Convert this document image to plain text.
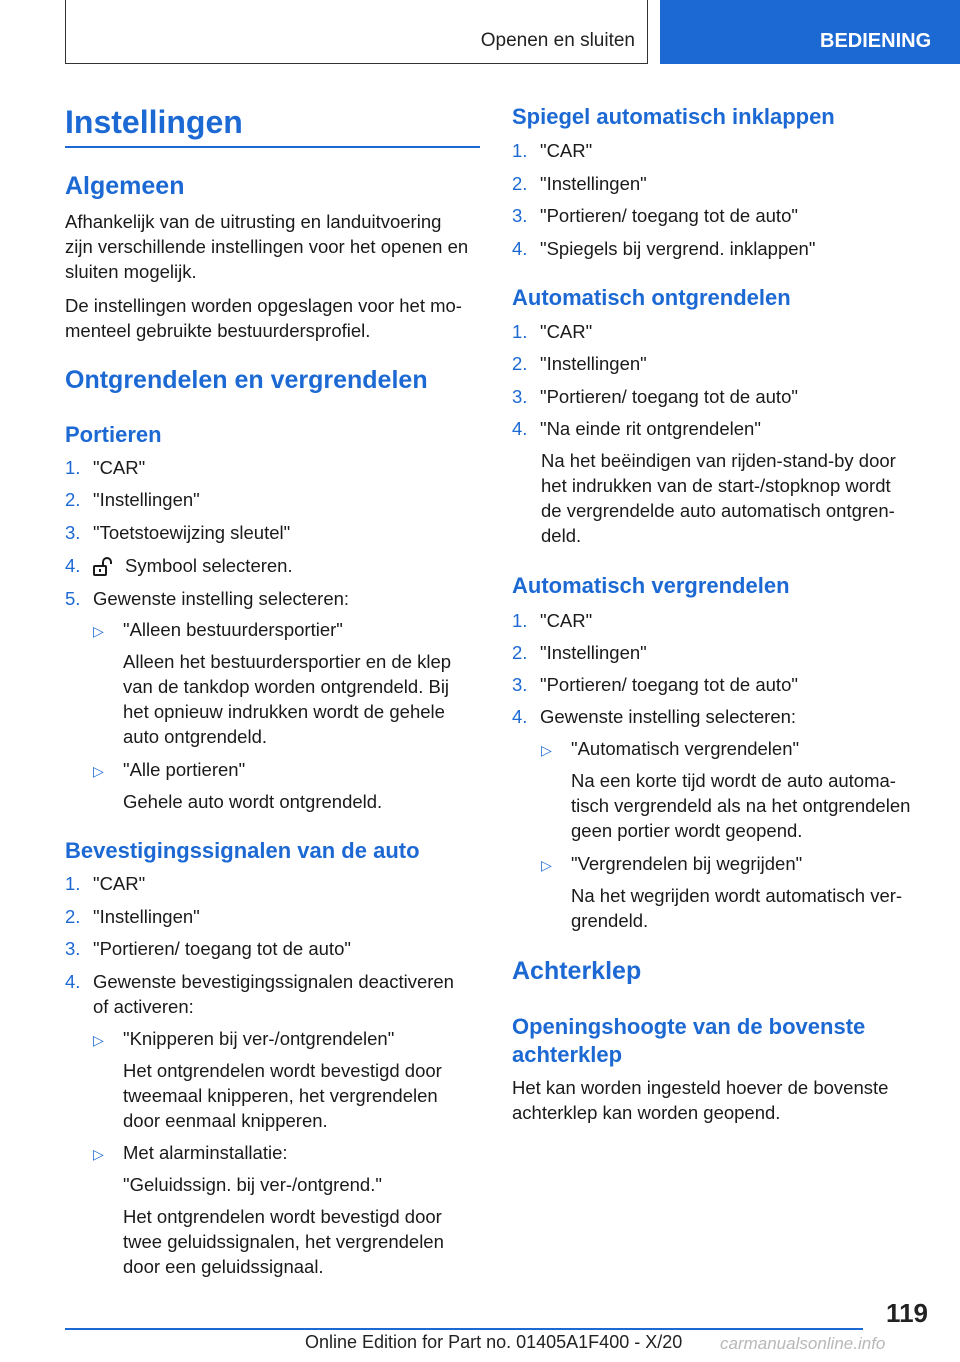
Openen en sluiten	BEDIENING
Instellingen
Algemeen
Afhankelijk van de uitrusting en landuitvoering
zijn verschillende instellingen voor het openen en
sluiten mogelijk.
De instellingen worden opgeslagen voor het mo-
menteel gebruikte bestuurdersprofiel.
Ontgrendelen en vergrendelen
Portieren
1. "CAR"
2. "Instellingen"
3. "Toetstoewijzing sleutel"
4.	Symbool selecteren.
5. Gewenste instelling selecteren:
▷ "Alleen bestuurdersportier"
Alleen het bestuurdersportier en de klep
van de tankdop worden ontgrendeld. Bij
het opnieuw indrukken wordt de gehele
auto ontgrendeld.
▷ "Alle portieren"
Gehele auto wordt ontgrendeld.
Bevestigingssignalen van de auto
1. "CAR"
2. "Instellingen"
3. "Portieren/ toegang tot de auto"
4. Gewenste bevestigingssignalen deactiveren
of activeren:
▷ "Knipperen bij ver-/ontgrendelen"
Het ontgrendelen wordt bevestigd door
tweemaal knipperen, het vergrendelen
door eenmaal knipperen.
▷ Met alarminstallatie:
"Geluidssign. bij ver-/ontgrend."
Het ontgrendelen wordt bevestigd door
twee geluidssignalen, het vergrendelen
door een geluidssignaal.
Spiegel automatisch inklappen
1. "CAR"
2. "Instellingen"
3. "Portieren/ toegang tot de auto"
4. "Spiegels bij vergrend. inklappen"
Automatisch ontgrendelen
1. "CAR"
2. "Instellingen"
3. "Portieren/ toegang tot de auto"
4. "Na einde rit ontgrendelen"
Na het beëindigen van rijden-stand-by door
het indrukken van de start-/stopknop wordt
de vergrendelde auto automatisch ontgren-
deld.
Automatisch vergrendelen
1. "CAR"
2. "Instellingen"
3. "Portieren/ toegang tot de auto"
4. Gewenste instelling selecteren:
▷ "Automatisch vergrendelen"
Na een korte tijd wordt de auto automa-
tisch vergrendeld als na het ontgrendelen
geen portier wordt geopend.
▷ "Vergrendelen bij wegrijden"
Na het wegrijden wordt automatisch ver-
grendeld.
Achterklep
Openingshoogte van de bovenste
achterklep
Het kan worden ingesteld hoever de bovenste
achterklep kan worden geopend.
119
Online Edition for Part no. 01405A1F400 - X/20 carmanualsonline.info
